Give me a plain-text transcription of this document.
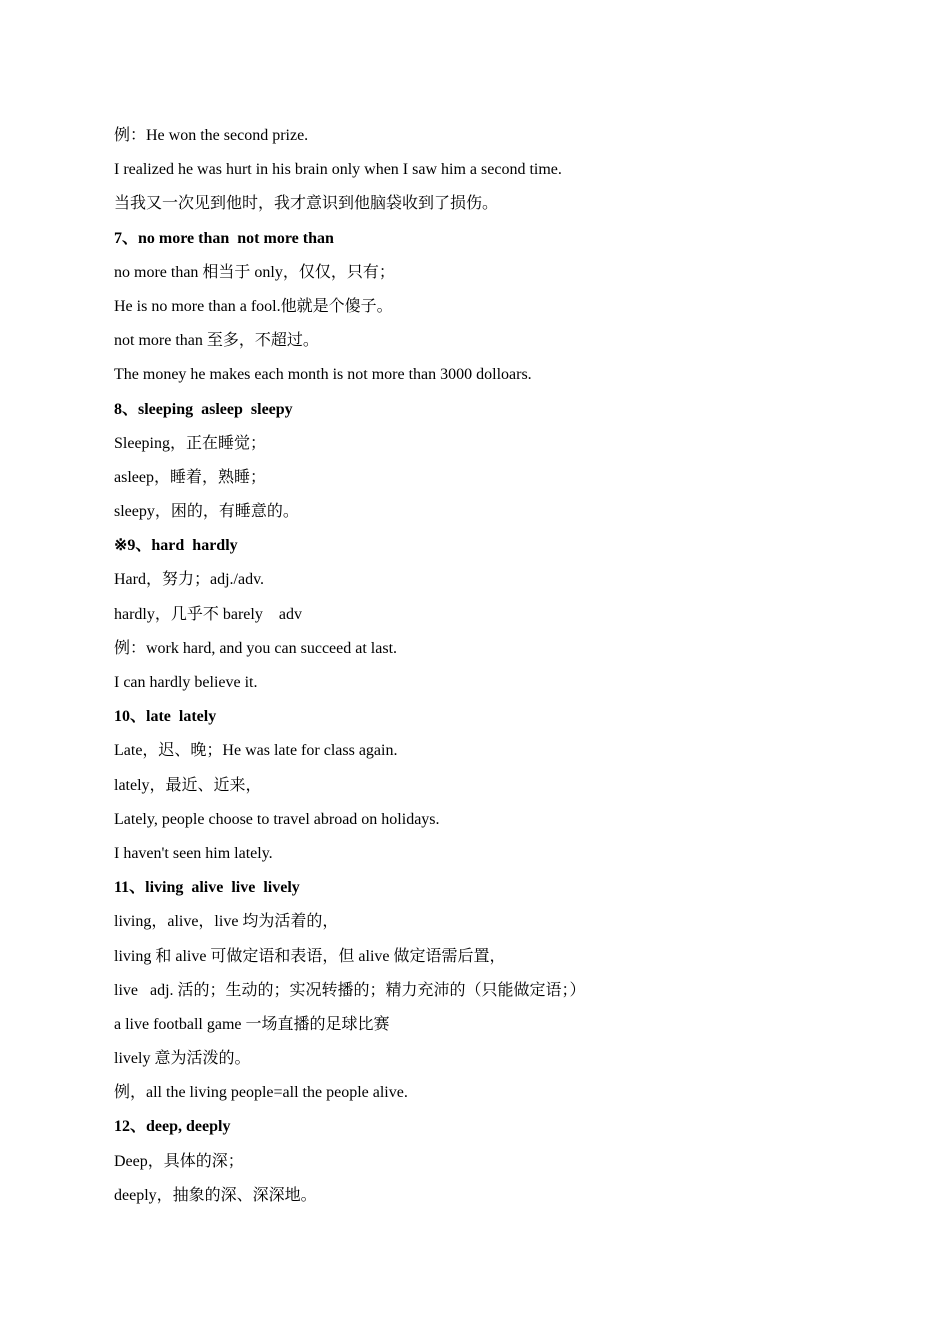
例：He won the second prize.
I realized he was hurt in his brain only when I saw him a second time.
当我又一次见到他时，我才意识到他脑袋收到了损伤。
7、no more than  not more than
no more than 相当于 only，仅仅，只有；
He is no more than a fool.他就是个傻子。
not more than 至多，不超过。
The money he makes each month is not more than 3000 dolloars.
8、sleeping  asleep  sleepy
Sleeping，正在睡觉；
asleep，睡着，熟睡；
sleepy，困的，有睡意的。
※9、hard  hardly
Hard，努力；adj./adv.
hardly，几乎不 barely    adv
例：work hard, and you can succeed at last.
I can hardly believe it.
10、late  lately
Late，迟、晚；He was late for class again.
lately，最近、近来，
Lately, people choose to travel abroad on holidays.
I haven't seen him lately.
11、living  alive  live  lively
living，alive，live 均为活着的，
living 和 alive 可做定语和表语，但 alive 做定语需后置，
live   adj. 活的；生动的；实况转播的；精力充沛的（只能做定语；）
a live football game 一场直播的足球比赛
lively 意为活泼的。
例，all the living people=all the people alive.
12、deep, deeply
Deep，具体的深；
deeply，抽象的深、深深地。
